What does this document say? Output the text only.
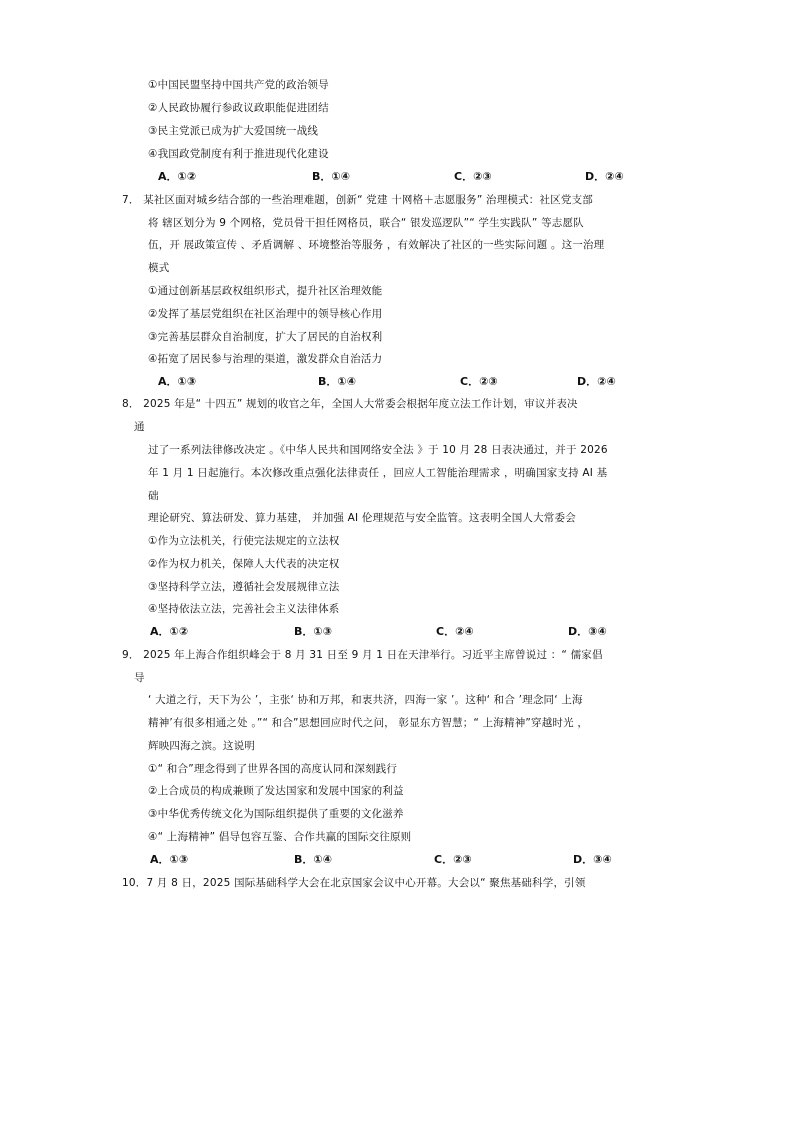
①中国民盟坚持中国共产党的政治领导
②人民政协履行参政议政职能促进团结
③民主党派已成为扩大爱国统一战线
④我国政党制度有利于推进现代化建设
A．①②	B．①④	C．②③	D．②④
7． 某社区面对城乡结合部的一些治理难题，创新“ 党建 十网格＋志愿服务” 治理模式：社区党支部
将 辖区划分为 9 个网格，党员骨干担任网格员，联合“ 银发巡逻队”“ 学生实践队” 等志愿队
伍，开 展政策宣传 、矛盾调解 、环境整治等服务 ，有效解决了社区的一些实际问题 。这一治理
模式
①通过创新基层政权组织形式，提升社区治理效能
②发挥了基层党组织在社区治理中的领导核心作用
③完善基层群众自治制度，扩大了居民的自治权利
④拓宽了居民参与治理的渠道，激发群众自治活力
A．①③	B．①④	C．②③	D．②④
8． 2025 年是“ 十四五” 规划的收官之年，全国人大常委会根据年度立法工作计划，审议并表决
通
过了一系列法律修改决定 。《中华人民共和国网络安全法 》于 10 月 28 日表决通过，并于 2026
年 1 月 1 日起施行。本次修改重点强化法律责任 ，回应人工智能治理需求 ，明确国家支持 AI 基
础
理论研究、算法研发、算力基建， 并加强 AI 伦理规范与安全监管。这表明全国人大常委会
①作为立法机关，行使完法规定的立法权
②作为权力机关，保障人大代表的决定权
③坚持科学立法，遵循社会发展规律立法
④坚持依法立法，完善社会主义法律体系
A．①②	B．①③	C．②④	D．③④
9． 2025 年上海合作组织峰会于 8 月 31 日至 9 月 1 日在天津举行。习近平主席曾说过 ：“ 儒家倡
导
‘ 大道之行，天下为公 ’，主张‘ 协和万邦，和衷共济，四海一家 ’。这种‘ 和合 ’理念同‘ 上海
精神’有很多相通之处 。”“ 和合”思想回应时代之问， 彰显东方智慧；“ 上海精神”穿越时光 ，
辉映四海之滨。这说明
①“ 和合”理念得到了世界各国的高度认同和深刻践行
②上合成员的构成兼顾了发达国家和发展中国家的利益
③中华优秀传统文化为国际组织提供了重要的文化滋养
④“ 上海精神” 倡导包容互鉴、合作共赢的国际交往原则
A．①③	B．①④	C．②③	D．③④
10．7 月 8 日，2025 国际基础科学大会在北京国家会议中心开幕。大会以“ 聚焦基础科学，引领
